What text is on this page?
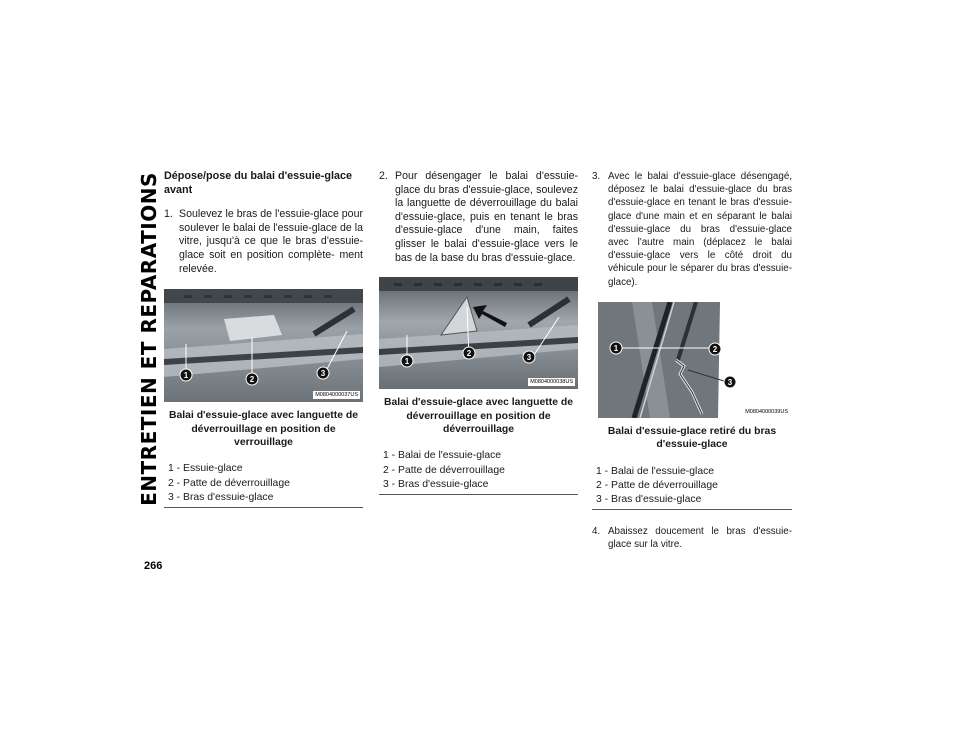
ENTRETIEN ET REPARATIONS
266
Dépose/pose du balai d'essuie-glace avant
1. Soulevez le bras de l'essuie-glace pour soulever le balai de l'essuie-glace de la vitre, jusqu'à ce que le bras d'essuie-glace soit en position complète- ment relevée.
1	2
3
M0804000037US
Balai d'essuie-glace avec languette de déverrouillage en position de verrouillage
1 - Essuie-glace
2 - Patte de déverrouillage
3 - Bras d'essuie-glace
2. Pour désengager le balai d'essuie-glace du bras d'essuie-glace, soulevez la languette de déverrouillage du balai d'essuie-glace, puis en tenant le bras d'essuie-glace d'une main, faites glisser le balai d'essuie-glace vers le bas de la base du bras d'essuie-glace.
1
2	3
M0804000038US
Balai d'essuie-glace avec languette de déverrouillage en position de déverrouillage
1 - Balai de l'essuie-glace
2 - Patte de déverrouillage
3 - Bras d'essuie-glace
3. Avec le balai d'essuie-glace désengagé, déposez le balai d'essuie-glace du bras d'essuie-glace en tenant le bras d'essuie-glace d'une main et en séparant le balai d'essuie-glace du bras d'essuie-glace avec l'autre main (déplacez le balai d'essuie-glace vers le côté droit du véhicule pour le séparer du bras d'essuie-glace).
1	2
3
M0804000039US
Balai d'essuie-glace retiré du bras d'essuie-glace
1 - Balai de l'essuie-glace
2 - Patte de déverrouillage
3 - Bras d'essuie-glace
4. Abaissez doucement le bras d'essuie-glace sur la vitre.
